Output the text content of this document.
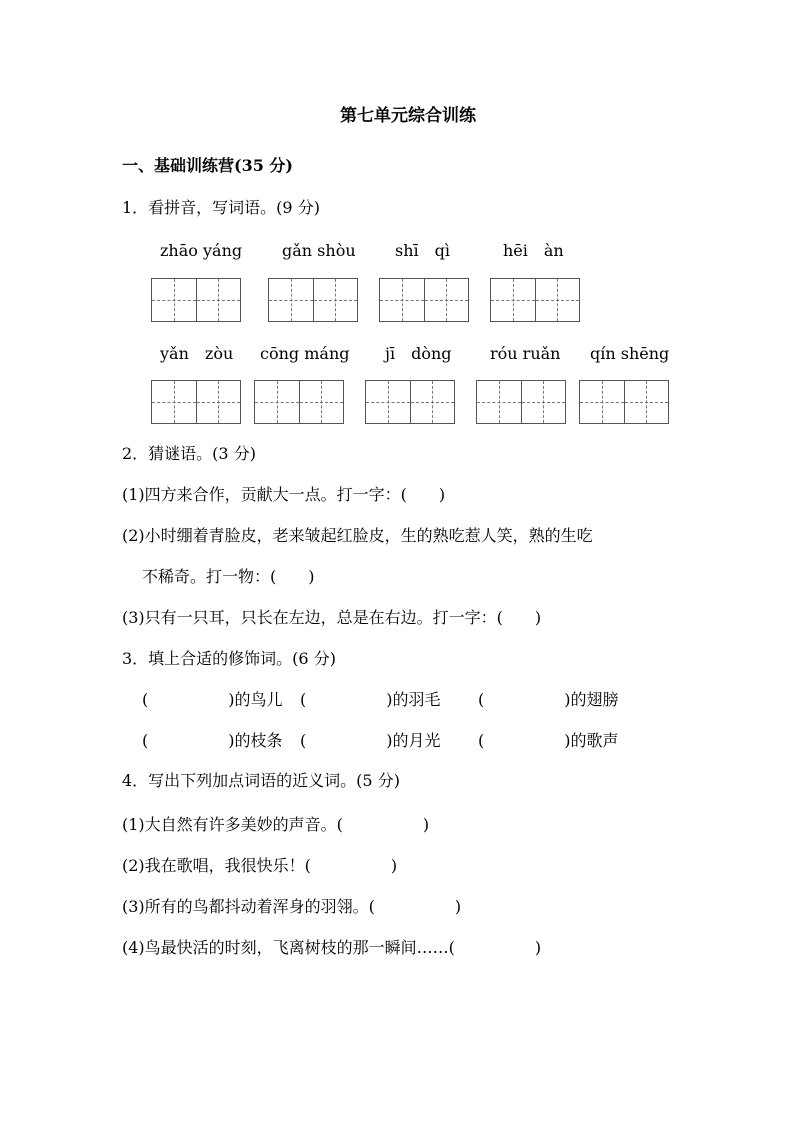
第七单元综合训练
一、基础训练营(35 分)
1．看拼音，写词语。(9 分)
zhāo yáng gǎn shòu shī　qì	hēi　àn
yǎn　zòu cōng máng jī　dòng róu ruǎn qín shēng
2．猜谜语。(3 分)
(1)四方来合作，贡献大一点。打一字：(　　)
(2)小时绷着青脸皮，老来皱起红脸皮，生的熟吃惹人笑，熟的生吃
不稀奇。打一物：(　　)
(3)只有一只耳，只长在左边，总是在右边。打一字：(　　)
3．填上合适的修饰词。(6 分)
(　　　　　)的鸟儿 (　　　　　)的羽毛 (　　　　　)的翅膀
(　　　　　)的枝条 (　　　　　)的月光 (　　　　　)的歌声
4．写出下列加点词语的近义词。(5 分)
(1)大自然有许多美妙的声音。(　　　　　)
(2)我在歌唱，我很快乐！(　　　　　)
(3)所有的鸟都抖动着浑身的羽翎。(　　　　　)
(4)鸟最快活的时刻，飞离树枝的那一瞬间……(　　　　　)
